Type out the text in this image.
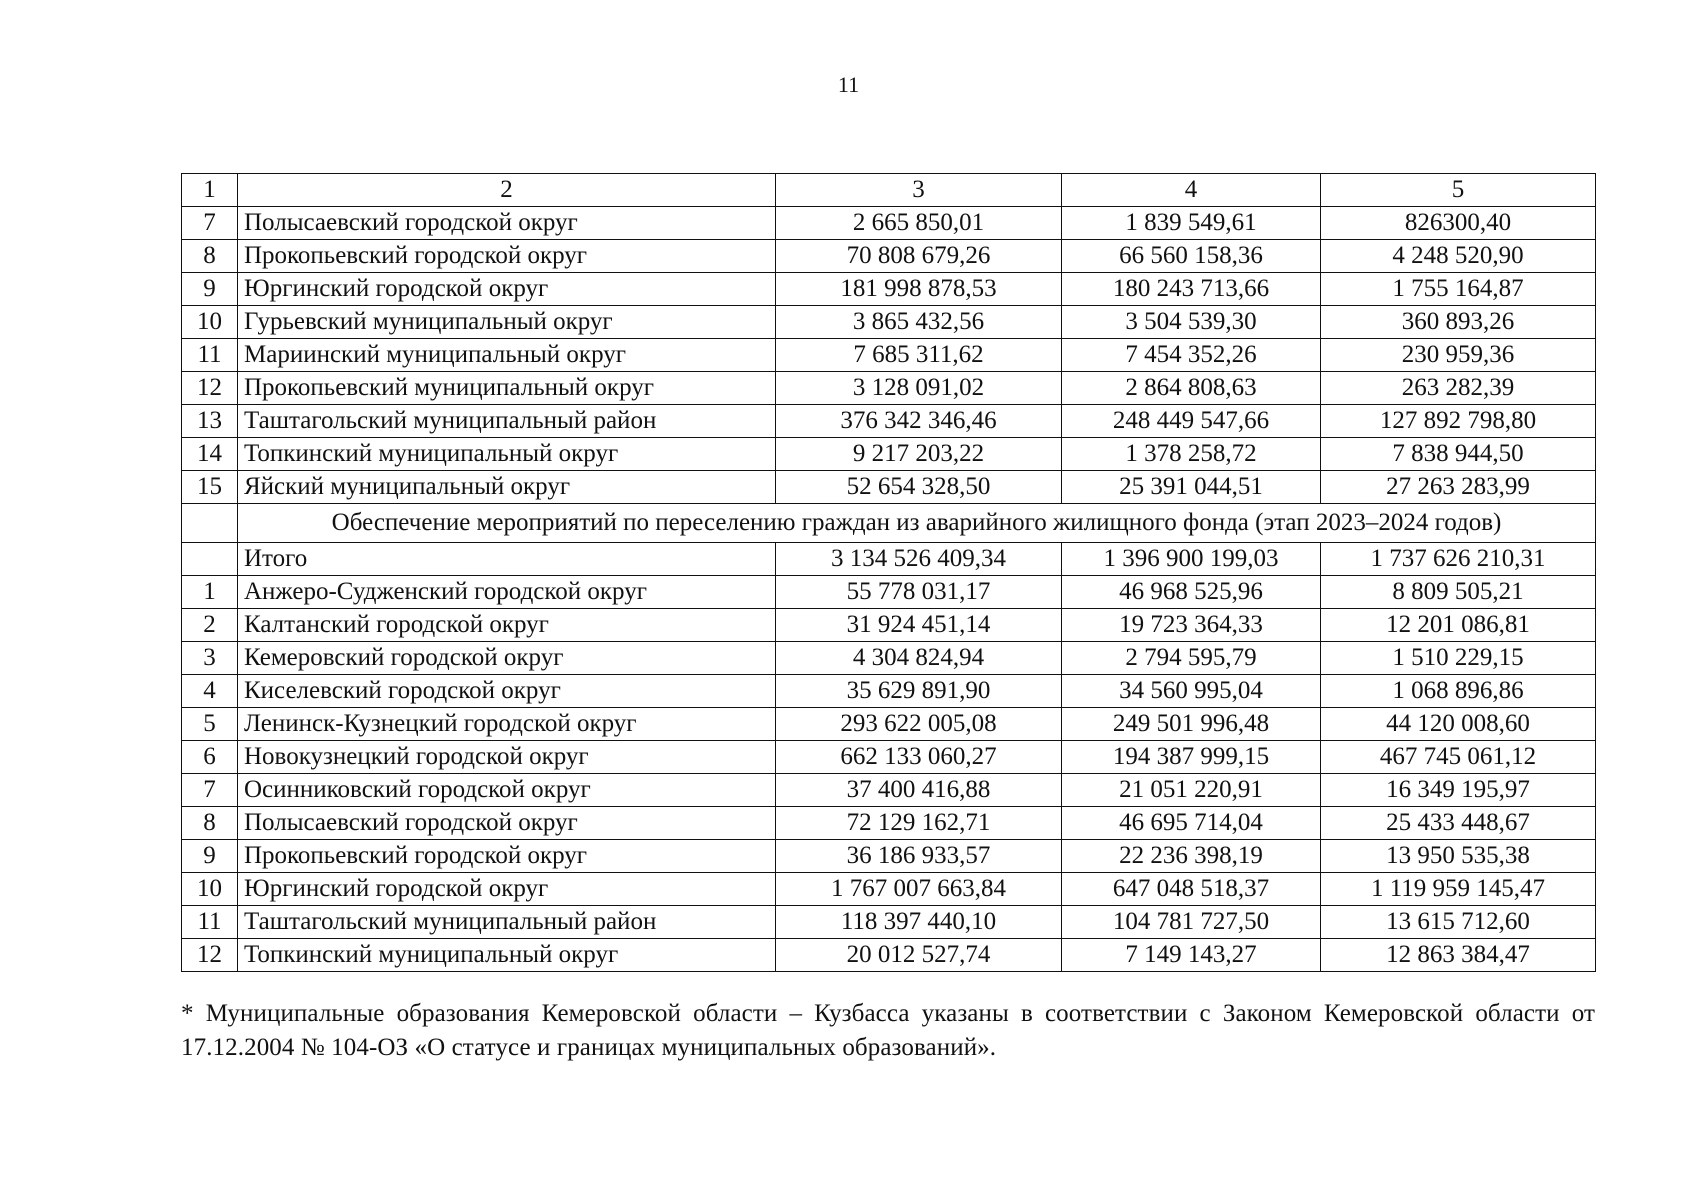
11
1	2	3	4	5
7	Полысаевский городской округ	2 665 850,01	1 839 549,61	826300,40
8	Прокопьевский городской округ	70 808 679,26	66 560 158,36	4 248 520,90
9	Юргинский городской округ	181 998 878,53	180 243 713,66	1 755 164,87
10	Гурьевский муниципальный округ	3 865 432,56	3 504 539,30	360 893,26
11	Мариинский муниципальный округ	7 685 311,62	7 454 352,26	230 959,36
12	Прокопьевский муниципальный округ	3 128 091,02	2 864 808,63	263 282,39
13	Таштагольский муниципальный район	376 342 346,46	248 449 547,66	127 892 798,80
14	Топкинский муниципальный округ	9 217 203,22	1 378 258,72	7 838 944,50
15	Яйский муниципальный округ	52 654 328,50	25 391 044,51	27 263 283,99
	Обеспечение мероприятий по переселению граждан из аварийного жилищного фонда (этап 2023–2024 годов)			
	Итого	3 134 526 409,34	1 396 900 199,03	1 737 626 210,31
1	Анжеро-Судженский городской округ	55 778 031,17	46 968 525,96	8 809 505,21
2	Калтанский городской округ	31 924 451,14	19 723 364,33	12 201 086,81
3	Кемеровский городской округ	4 304 824,94	2 794 595,79	1 510 229,15
4	Киселевский городской округ	35 629 891,90	34 560 995,04	1 068 896,86
5	Ленинск-Кузнецкий городской округ	293 622 005,08	249 501 996,48	44 120 008,60
6	Новокузнецкий городской округ	662 133 060,27	194 387 999,15	467 745 061,12
7	Осинниковский городской округ	37 400 416,88	21 051 220,91	16 349 195,97
8	Полысаевский городской округ	72 129 162,71	46 695 714,04	25 433 448,67
9	Прокопьевский городской округ	36 186 933,57	22 236 398,19	13 950 535,38
10	Юргинский городской округ	1 767 007 663,84	647 048 518,37	1 119 959 145,47
11	Таштагольский муниципальный район	118 397 440,10	104 781 727,50	13 615 712,60
12	Топкинский муниципальный округ	20 012 527,74	7 149 143,27	12 863 384,47
* Муниципальные образования Кемеровской области – Кузбасса указаны в соответствии с Законом Кемеровской области от 17.12.2004 № 104-ОЗ «О статусе и границах муниципальных образований».
